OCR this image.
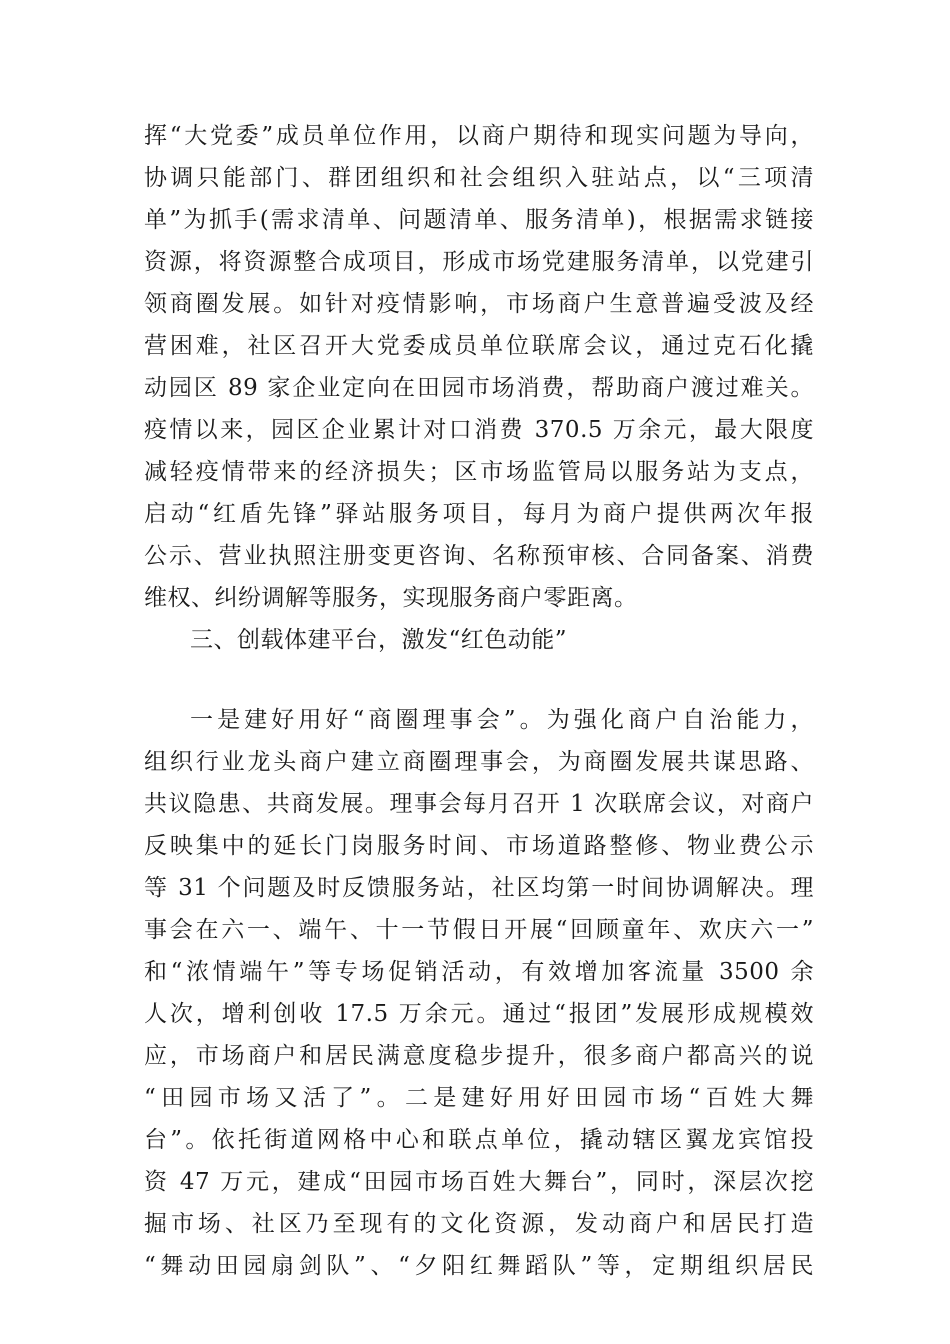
挥“大党委”成员单位作用，以商户期待和现实问题为导向，
协调只能部门、群团组织和社会组织入驻站点，以“三项清
单”为抓手(需求清单、问题清单、服务清单)，根据需求链接
资源，将资源整合成项目，形成市场党建服务清单，以党建引
领商圈发展。如针对疫情影响，市场商户生意普遍受波及经
营困难，社区召开大党委成员单位联席会议，通过克石化撬
动园区 89 家企业定向在田园市场消费，帮助商户渡过难关。
疫情以来，园区企业累计对口消费 370.5 万余元，最大限度
减轻疫情带来的经济损失；区市场监管局以服务站为支点，
启动“红盾先锋”驿站服务项目，每月为商户提供两次年报
公示、营业执照注册变更咨询、名称预审核、合同备案、消费
维权、纠纷调解等服务，实现服务商户零距离。
三、创载体建平台，激发“红色动能”
一是建好用好“商圈理事会”。为强化商户自治能力，
组织行业龙头商户建立商圈理事会，为商圈发展共谋思路、
共议隐患、共商发展。理事会每月召开 1 次联席会议，对商户
反映集中的延长门岗服务时间、市场道路整修、物业费公示
等 31 个问题及时反馈服务站，社区均第一时间协调解决。理
事会在六一、端午、十一节假日开展“回顾童年、欢庆六一”
和“浓情端午”等专场促销活动，有效增加客流量 3500 余
人次，增利创收 17.5 万余元。通过“报团”发展形成规模效
应，市场商户和居民满意度稳步提升，很多商户都高兴的说
“田园市场又活了”。二是建好用好田园市场“百姓大舞
台”。依托街道网格中心和联点单位，撬动辖区翼龙宾馆投
资 47 万元，建成“田园市场百姓大舞台”，同时，深层次挖
掘市场、社区乃至现有的文化资源，发动商户和居民打造
“舞动田园扇剑队”、“夕阳红舞蹈队”等，定期组织居民
